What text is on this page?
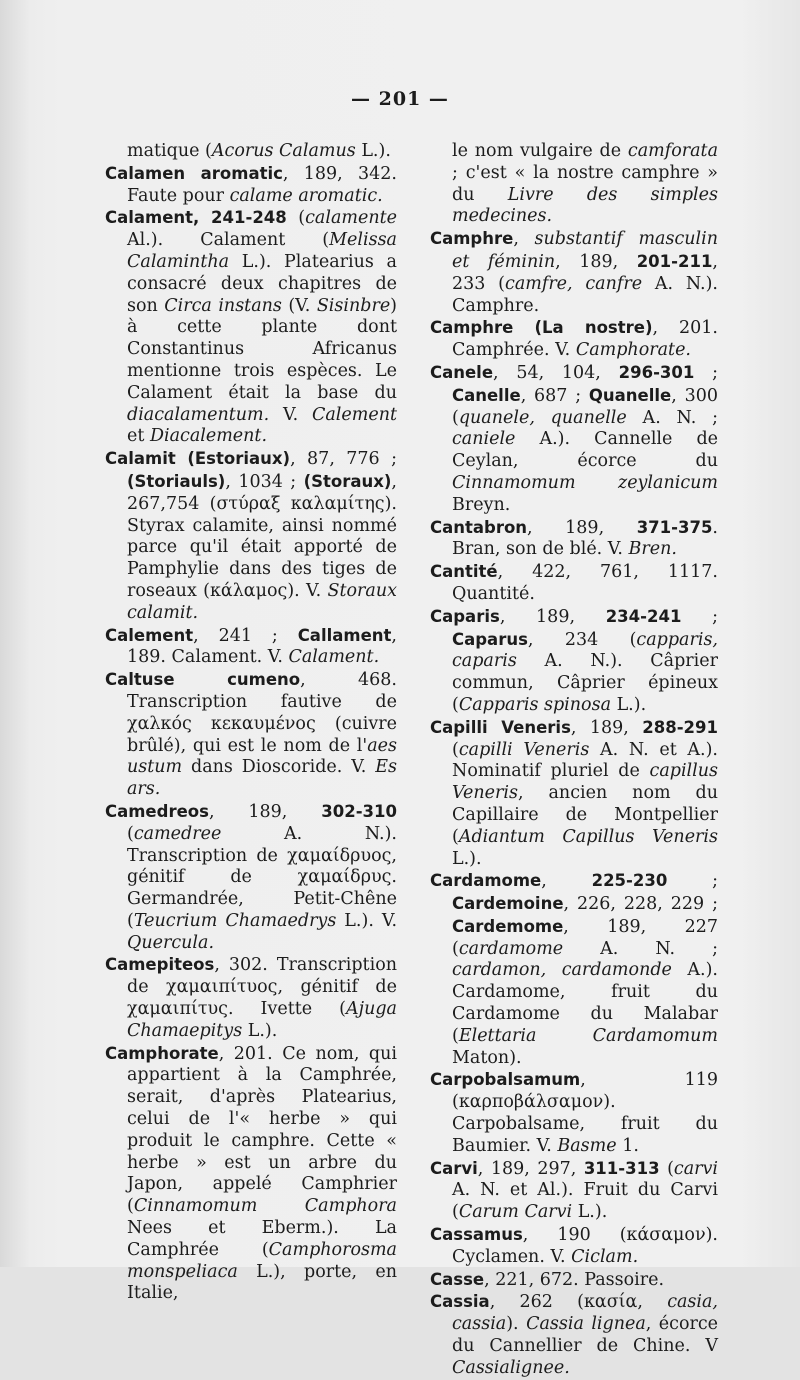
— 201 —

matique (Acorus Calamus L.).

Calamen aromatic, 189, 342. Faute pour calame aromatic.

Calament, 241-248 (calamente Al.). Calament (Melissa Calamintha L.). Platearius a consacré deux chapitres de son Circa instans (V. Sisinbre) à cette plante dont Constantinus Africanus mentionne trois espèces. Le Calament était la base du diacalamentum. V. Calement et Diacalement.

Calamit (Estoriaux), 87, 776 ; (Storiauls), 1034 ; (Storaux), 267,754 (στύραξ καλαμίτης). Styrax calamite, ainsi nommé parce qu'il était apporté de Pamphylie dans des tiges de roseaux (κάλαμος). V. Storaux calamit.

Calement, 241 ; Callament, 189. Calament. V. Calament.

Caltuse cumeno, 468. Transcription fautive de χαλκός κεκαυμένος (cuivre brûlé), qui est le nom de l'aes ustum dans Dioscoride. V. Es ars.

Camedreos, 189, 302-310 (camedree A. N.). Transcription de χαμαίδρυος, génitif de χαμαίδρυς. Germandrée, Petit-Chêne (Teucrium Chamaedrys L.). V. Quercula.

Camepiteos, 302. Transcription de χαμαιπίτυος, génitif de χαμαιπίτυς. Ivette (Ajuga Chamaepitys L.).

Camphorate, 201. Ce nom, qui appartient à la Camphrée, serait, d'après Platearius, celui de l'« herbe » qui produit le camphre. Cette « herbe » est un arbre du Japon, appelé Camphrier (Cinnamomum Camphora Nees et Eberm.). La Camphrée (Camphorosma monspeliaca L.), porte, en Italie,

le nom vulgaire de camforata ; c'est « la nostre camphre » du Livre des simples medecines.

Camphre, substantif masculin et féminin, 189, 201-211, 233 (camfre, canfre A. N.). Camphre.

Camphre (La nostre), 201. Camphrée. V. Camphorate.

Canele, 54, 104, 296-301 ; Canelle, 687 ; Quanelle, 300 (quanele, quanelle A. N. ; caniele A.). Cannelle de Ceylan, écorce du Cinnamomum zeylanicum Breyn.

Cantabron, 189, 371-375. Bran, son de blé. V. Bren.

Cantité, 422, 761, 1117. Quantité.

Caparis, 189, 234-241 ; Caparus, 234 (capparis, caparis A. N.). Câprier commun, Câprier épineux (Capparis spinosa L.).

Capilli Veneris, 189, 288-291 (capilli Veneris A. N. et A.). Nominatif pluriel de capillus Veneris, ancien nom du Capillaire de Montpellier (Adiantum Capillus Veneris L.).

Cardamome, 225-230 ; Cardemoine, 226, 228, 229 ; Cardemome, 189, 227 (cardamome A. N. ; cardamon, cardamonde A.). Cardamome, fruit du Cardamome du Malabar (Elettaria Cardamomum Maton).

Carpobalsamum, 119 (καρποβάλσαμον). Carpobalsame, fruit du Baumier. V. Basme 1.

Carvi, 189, 297, 311-313 (carvi A. N. et Al.). Fruit du Carvi (Carum Carvi L.).

Cassamus, 190 (κάσαμον). Cyclamen. V. Ciclam.

Casse, 221, 672. Passoire.

Cassia, 262 (κασία, casia, cassia). Cassia lignea, écorce du Cannellier de Chine. V Cassialignee.
